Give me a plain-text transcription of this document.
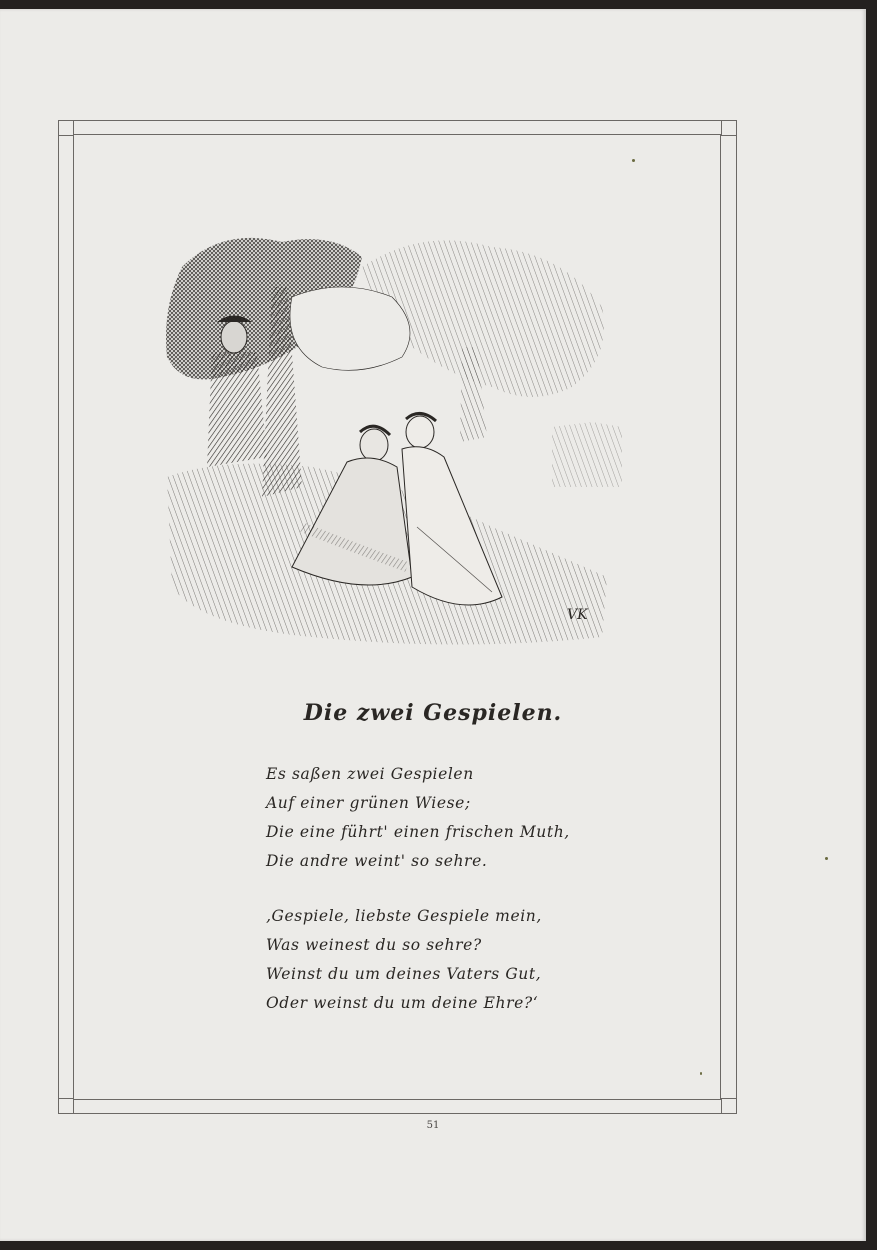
VK
Die zwei Gespielen.
Es saßen zwei Gespielen
Auf einer grünen Wiese;
Die eine führt' einen frischen Muth,
Die andre weint' so sehre.
‚Gespiele, liebste Gespiele mein,
Was weinest du so sehre?
Weinst du um deines Vaters Gut,
Oder weinst du um deine Ehre?‘
51
